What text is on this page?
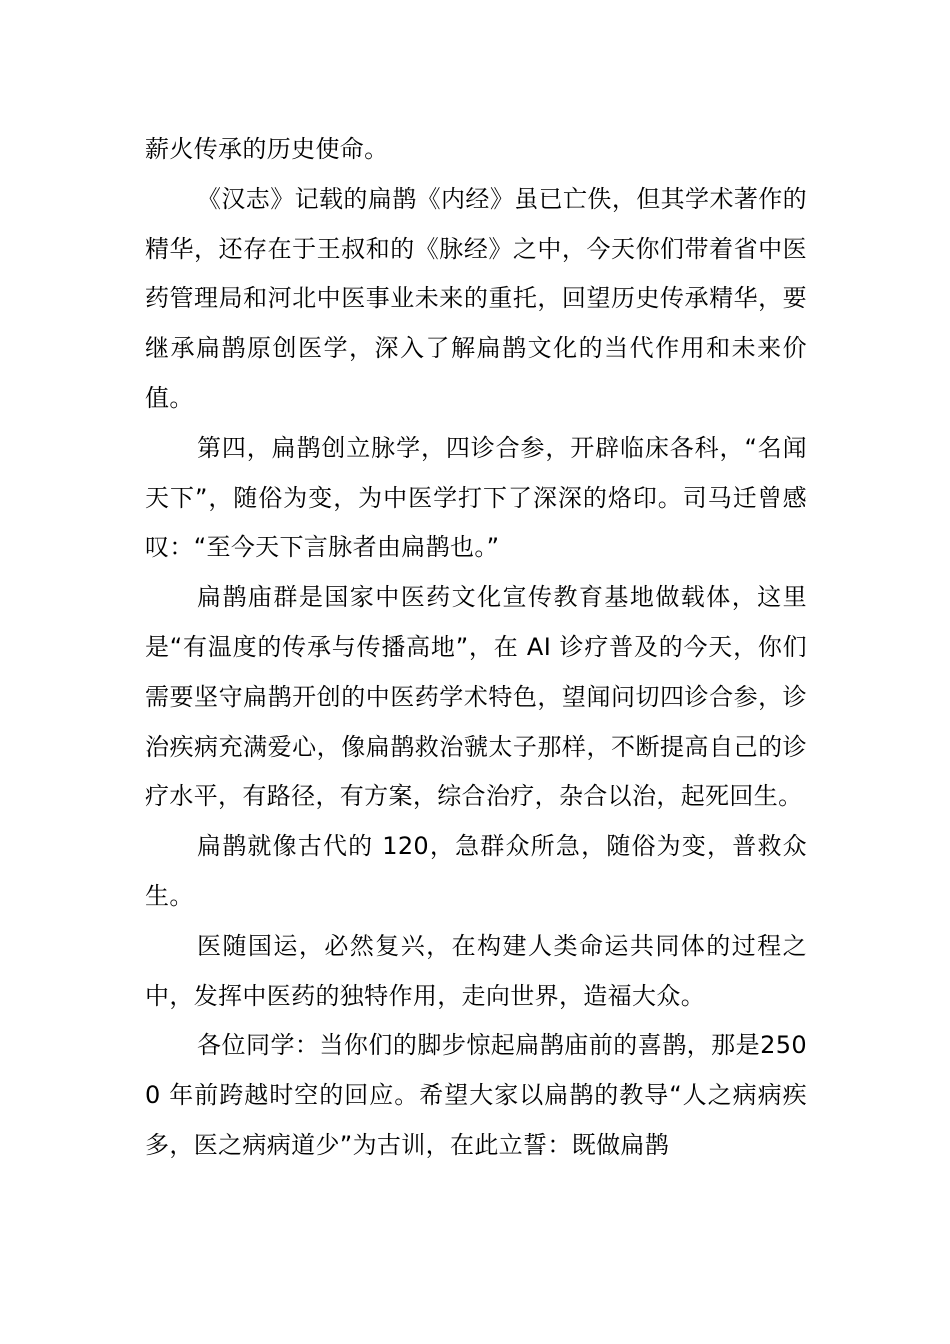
薪火传承的历史使命。

《汉志》记载的扁鹊《内经》虽已亡佚，但其学术著作的精华，还存在于王叔和的《脉经》之中，今天你们带着省中医药管理局和河北中医事业未来的重托，回望历史传承精华，要继承扁鹊原创医学，深入了解扁鹊文化的当代作用和未来价值。

第四，扁鹊创立脉学，四诊合参，开辟临床各科，“名闻天下”，随俗为变，为中医学打下了深深的烙印。司马迁曾感叹：“至今天下言脉者由扁鹊也。”

扁鹊庙群是国家中医药文化宣传教育基地做载体，这里是“有温度的传承与传播高地”，在 AI 诊疗普及的今天，你们需要坚守扁鹊开创的中医药学术特色，望闻问切四诊合参，诊治疾病充满爱心，像扁鹊救治虢太子那样，不断提高自己的诊疗水平，有路径，有方案，综合治疗，杂合以治，起死回生。

扁鹊就像古代的 120，急群众所急，随俗为变，普救众生。

医随国运，必然复兴，在构建人类命运共同体的过程之中，发挥中医药的独特作用，走向世界，造福大众。

各位同学：当你们的脚步惊起扁鹊庙前的喜鹊，那是2500 年前跨越时空的回应。希望大家以扁鹊的教导“人之病病疾多，医之病病道少”为古训，在此立誓：既做扁鹊
